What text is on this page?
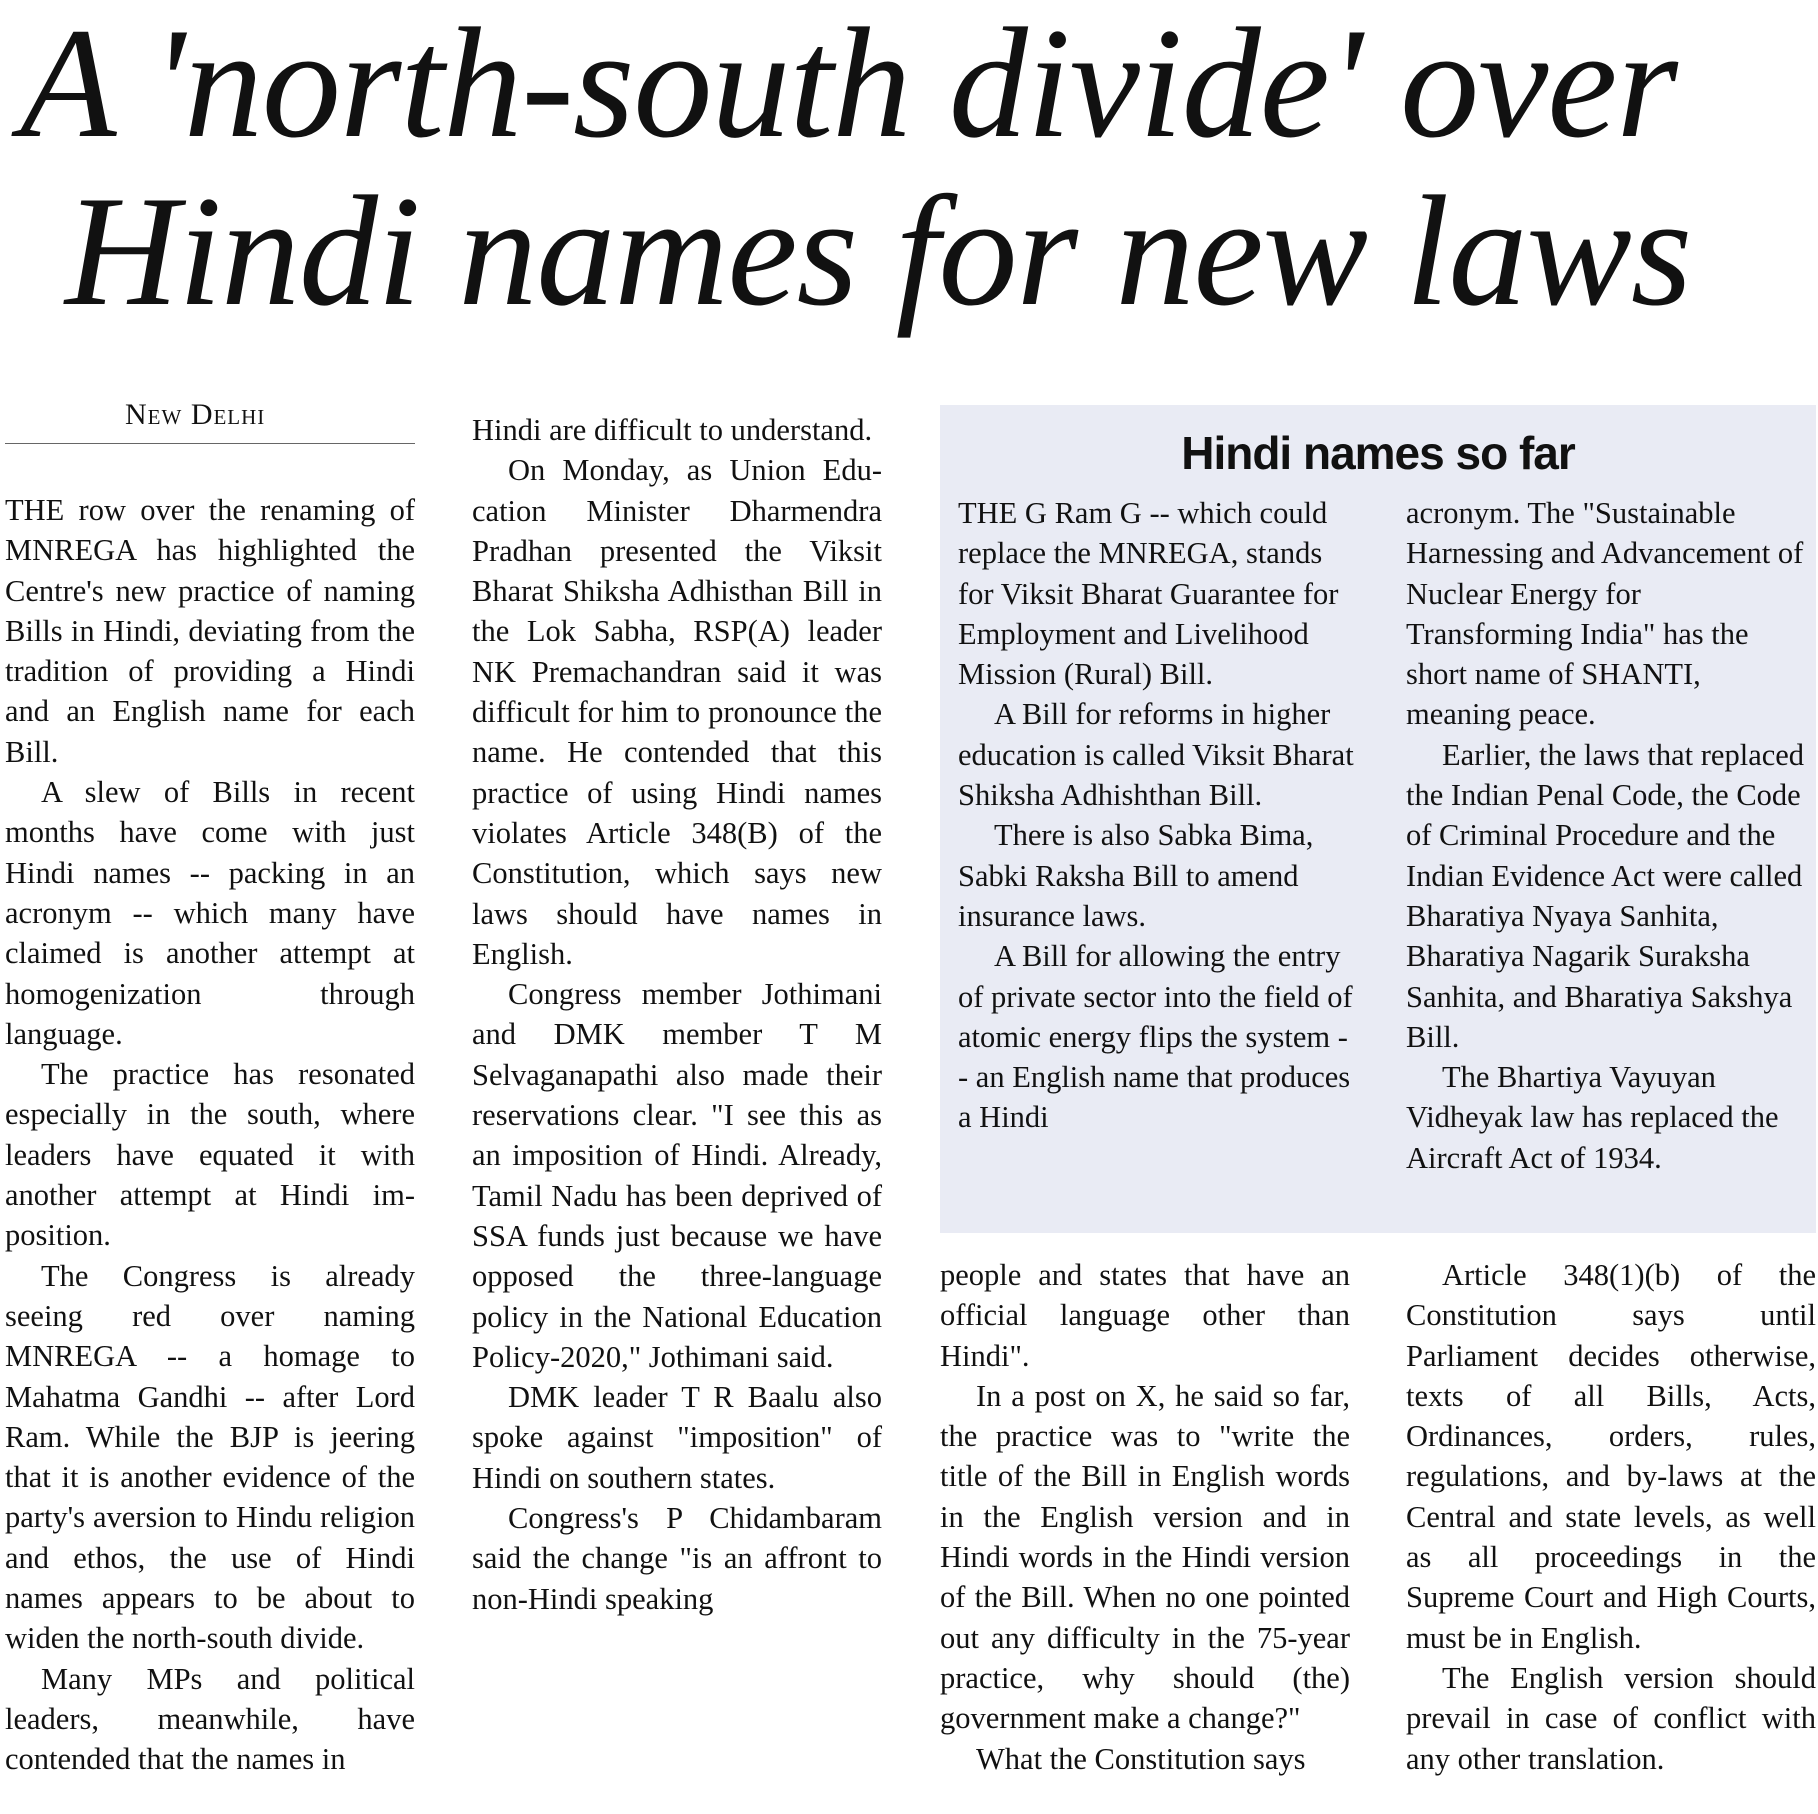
A 'north-south divide' over
Hindi names for new laws
New Delhi

THE row over the renaming of MNREGA has highlighted the Centre's new practice of naming Bills in Hindi, deviating from the tradition of providing a Hindi and an English name for each Bill.

A slew of Bills in recent months have come with just Hindi names -- packing in an acronym -- which many have claimed is another attempt at homogenization through language.

The practice has resonated especially in the south, where leaders have equated it with another attempt at Hindi imposition.

The Congress is already seeing red over naming MNREGA -- a homage to Mahatma Gandhi -- after Lord Ram. While the BJP is jeering that it is another evidence of the party's aversion to Hindu religion and ethos, the use of Hindi names appears to be about to widen the north-south divide.

Many MPs and political leaders, meanwhile, have contended that the names in

Hindi are difficult to understand.

On Monday, as Union Education Minister Dharmendra Pradhan presented the Viksit Bharat Shiksha Adhisthan Bill in the Lok Sabha, RSP(A) leader NK Premachandran said it was difficult for him to pronounce the name. He contended that this practice of using Hindi names violates Article 348(B) of the Constitution, which says new laws should have names in English.

Congress member Jothimani and DMK member T M Selvaganapathi also made their reservations clear. "I see this as an imposition of Hindi. Already, Tamil Nadu has been deprived of SSA funds just because we have opposed the three-language policy in the National Education Policy-2020," Jothimani said.

DMK leader T R Baalu also spoke against "imposition" of Hindi on southern states.

Congress's P Chidambaram said the change "is an affront to non-Hindi speaking

Hindi names so far

THE G Ram G -- which could replace the MNREGA, stands for Viksit Bharat Guarantee for Employment and Livelihood Mission (Rural) Bill.

A Bill for reforms in higher education is called Viksit Bharat Shiksha Adhishthan Bill.

There is also Sabka Bima, Sabki Raksha Bill to amend insurance laws.

A Bill for allowing the entry of private sector into the field of atomic energy flips the system -- an English name that produces a Hindi

acronym. The "Sustainable Harnessing and Advancement of Nuclear Energy for Transforming India" has the short name of SHANTI, meaning peace.

Earlier, the laws that replaced the Indian Penal Code, the Code of Criminal Procedure and the Indian Evidence Act were called Bharatiya Nyaya Sanhita, Bharatiya Nagarik Suraksha Sanhita, and Bharatiya Sakshya Bill.

The Bhartiya Vayuyan Vidheyak law has replaced the Aircraft Act of 1934.

people and states that have an official language other than Hindi".

In a post on X, he said so far, the practice was to "write the title of the Bill in English words in the English version and in Hindi words in the Hindi version of the Bill. When no one pointed out any difficulty in the 75-year practice, why should (the) government make a change?"

What the Constitution says

Article 348(1)(b) of the Constitution says until Parliament decides otherwise, texts of all Bills, Acts, Ordinances, orders, rules, regulations, and by-laws at the Central and state levels, as well as all proceedings in the Supreme Court and High Courts, must be in English.

The English version should prevail in case of conflict with any other translation.
